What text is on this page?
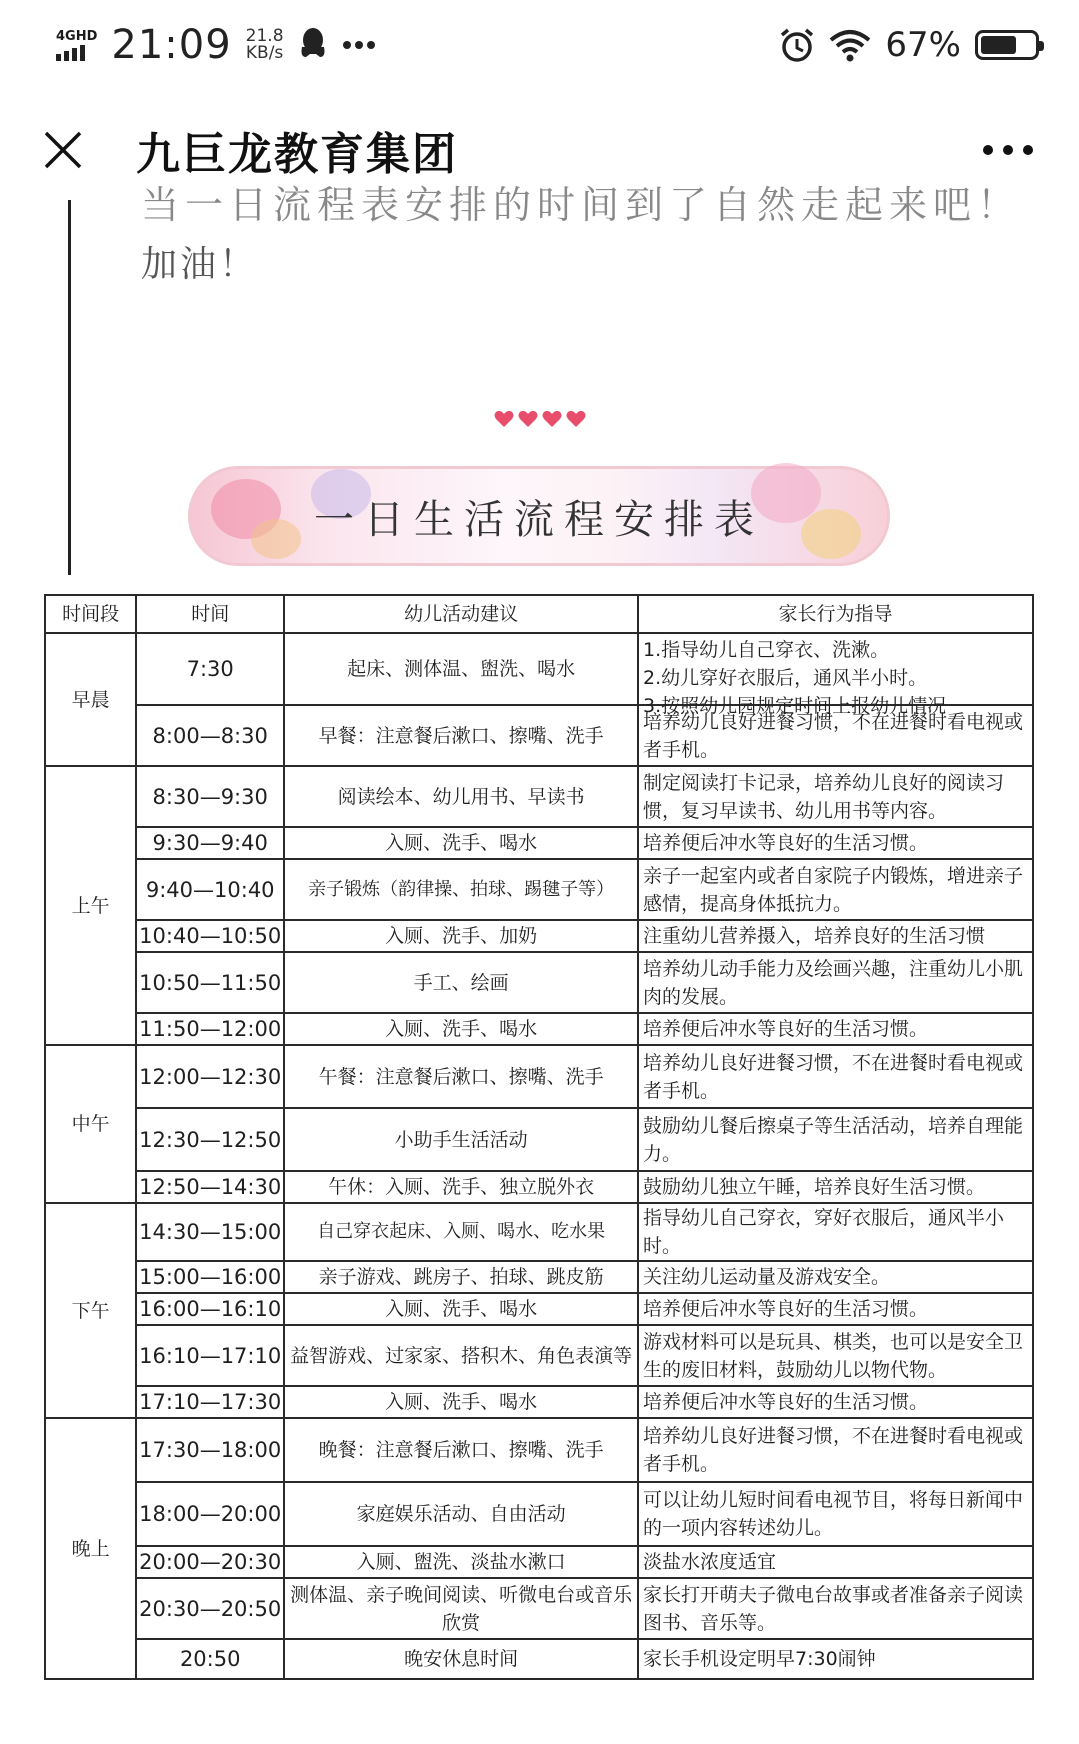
4GHD 21:09 21.8
KB/s	67%
九巨龙教育集团
当一日流程表安排的时间到了自然走起来吧！
加油！
一日生活流程安排表
时间段	时间	幼儿活动建议	家长行为指导
早晨	7:30	起床、测体温、盥洗、喝水	1.指导幼儿自己穿衣、洗漱。
2.幼儿穿好衣服后，通风半小时。
3.按照幼儿园规定时间上报幼儿情况

	8:00—8:30	早餐：注意餐后漱口、擦嘴、洗手	培养幼儿良好进餐习惯，不在进餐时看电视或者手机。
上午	8:30—9:30	阅读绘本、幼儿用书、早读书	制定阅读打卡记录，培养幼儿良好的阅读习惯，复习早读书、幼儿用书等内容。
	9:30—9:40	入厕、洗手、喝水	培养便后冲水等良好的生活习惯。
	9:40—10:40	亲子锻炼（韵律操、拍球、踢毽子等）	亲子一起室内或者自家院子内锻炼，增进亲子感情，提高身体抵抗力。
	10:40—10:50	入厕、洗手、加奶	注重幼儿营养摄入，培养良好的生活习惯
	10:50—11:50	手工、绘画	培养幼儿动手能力及绘画兴趣，注重幼儿小肌肉的发展。
	11:50—12:00	入厕、洗手、喝水	培养便后冲水等良好的生活习惯。
中午	12:00—12:30	午餐：注意餐后漱口、擦嘴、洗手	培养幼儿良好进餐习惯，不在进餐时看电视或者手机。
	12:30—12:50	小助手生活活动	鼓励幼儿餐后擦桌子等生活活动，培养自理能力。
	12:50—14:30	午休：入厕、洗手、独立脱外衣	鼓励幼儿独立午睡，培养良好生活习惯。
下午	14:30—15:00	自己穿衣起床、入厕、喝水、吃水果	指导幼儿自己穿衣，穿好衣服后，通风半小时。
	15:00—16:00	亲子游戏、跳房子、拍球、跳皮筋	关注幼儿运动量及游戏安全。
	16:00—16:10	入厕、洗手、喝水	培养便后冲水等良好的生活习惯。
	16:10—17:10	益智游戏、过家家、搭积木、角色表演等	游戏材料可以是玩具、棋类，也可以是安全卫生的废旧材料，鼓励幼儿以物代物。
	17:10—17:30	入厕、洗手、喝水	培养便后冲水等良好的生活习惯。
晚上	17:30—18:00	晚餐：注意餐后漱口、擦嘴、洗手	培养幼儿良好进餐习惯，不在进餐时看电视或者手机。
	18:00—20:00	家庭娱乐活动、自由活动	可以让幼儿短时间看电视节目，将每日新闻中的一项内容转述幼儿。
	20:00—20:30	入厕、盥洗、淡盐水漱口	淡盐水浓度适宜
	20:30—20:50	测体温、亲子晚间阅读、听微电台或音乐欣赏	家长打开萌夫子微电台故事或者准备亲子阅读图书、音乐等。
	20:50	晚安休息时间	家长手机设定明早7:30闹钟
